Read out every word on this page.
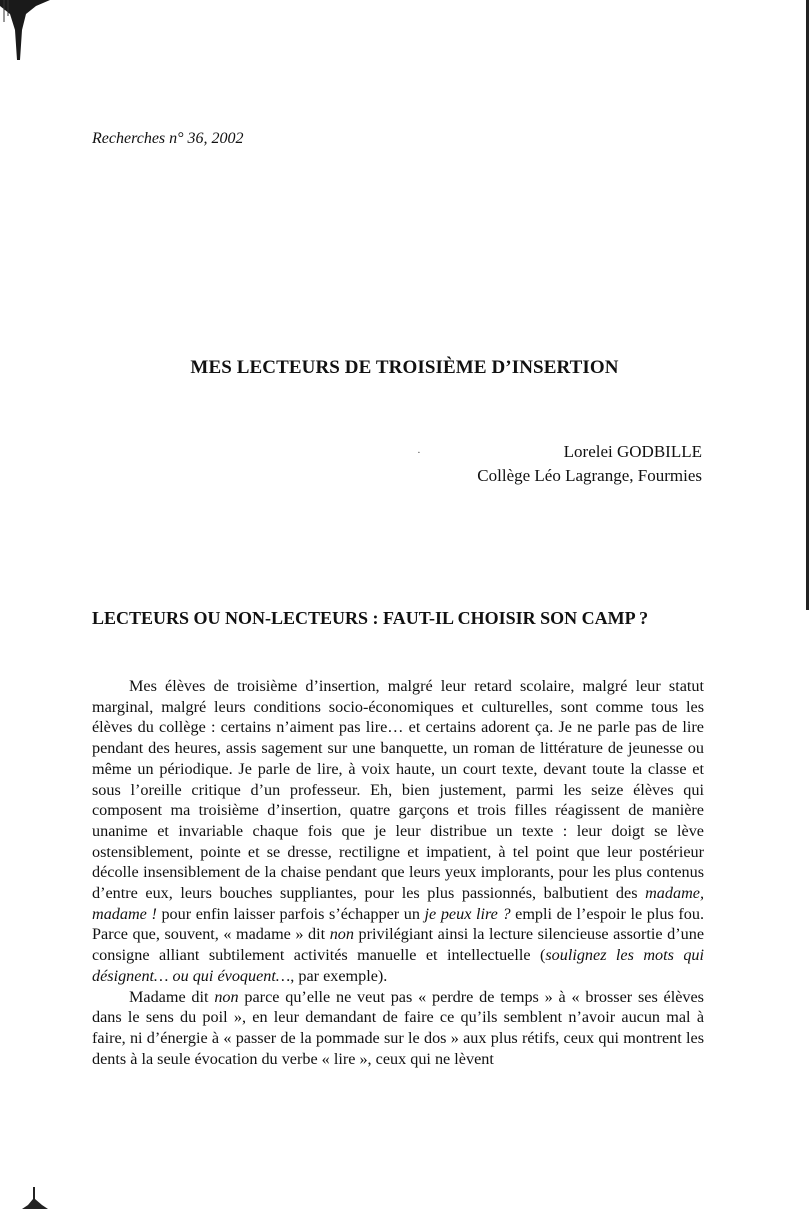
Recherches n° 36, 2002

MES LECTEURS DE TROISIÈME D’INSERTION
·	Lorelei GODBILLE
Collège Léo Lagrange, Fourmies
LECTEURS OU NON-LECTEURS : FAUT-IL CHOISIR SON CAMP ?

Mes élèves de troisième d’insertion, malgré leur retard scolaire, malgré leur statut marginal, malgré leurs conditions socio-économiques et culturelles, sont comme tous les élèves du collège : certains n’aiment pas lire… et certains adorent ça. Je ne parle pas de lire pendant des heures, assis sagement sur une banquette, un roman de littérature de jeunesse ou même un périodique. Je parle de lire, à voix haute, un court texte, devant toute la classe et sous l’oreille critique d’un professeur. Eh, bien justement, parmi les seize élèves qui composent ma troisième d’insertion, quatre garçons et trois filles réagissent de manière unanime et invariable chaque fois que je leur distribue un texte : leur doigt se lève ostensiblement, pointe et se dresse, rectiligne et impatient, à tel point que leur postérieur décolle insensiblement de la chaise pendant que leurs yeux implorants, pour les plus contenus d’entre eux, leurs bouches suppliantes, pour les plus passionnés, balbutient des madame, madame ! pour enfin laisser parfois s’échapper un je peux lire ? empli de l’espoir le plus fou. Parce que, souvent, « madame » dit non privilégiant ainsi la lecture silencieuse assortie d’une consigne alliant subtilement activités manuelle et intellectuelle (soulignez les mots qui désignent… ou qui évoquent…, par exemple).

Madame dit non parce qu’elle ne veut pas « perdre de temps » à « brosser ses élèves dans le sens du poil », en leur demandant de faire ce qu’ils semblent n’avoir aucun mal à faire, ni d’énergie à « passer de la pommade sur le dos » aux plus rétifs, ceux qui montrent les dents à la seule évocation du verbe « lire », ceux qui ne lèvent
